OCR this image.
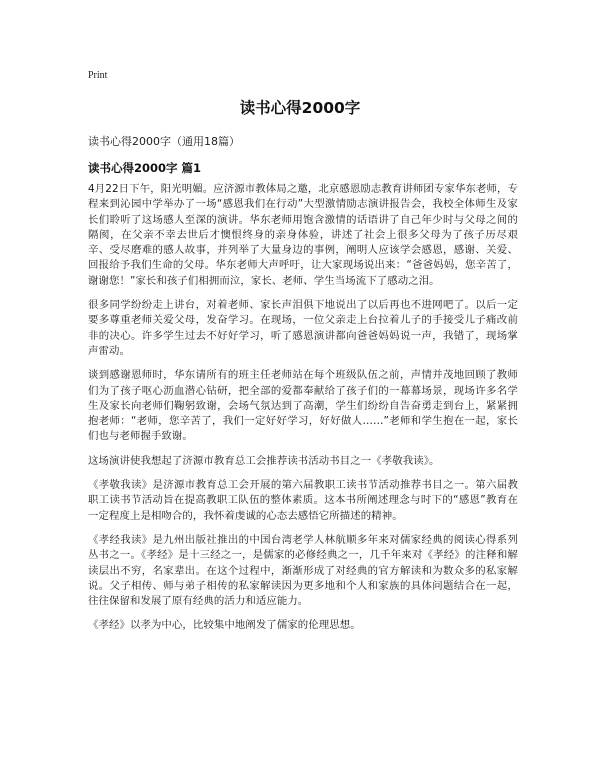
Print
读书心得2000字
读书心得2000字（通用18篇）
读书心得2000字 篇1

4月22日下午，阳光明媚。应济源市教体局之邀，北京感恩励志教育讲师团专家华东老师，专程来到沁园中学举办了一场“感恩我们在行动”大型激情励志演讲报告会，我校全体师生及家长们聆听了这场感人至深的演讲。华东老师用饱含激情的话语讲了自己年少时与父母之间的隔阂，在父亲不幸去世后才懊恨终身的亲身体验，讲述了社会上很多父母为了孩子历尽艰辛、受尽磨难的感人故事，并列举了大量身边的事例，阐明人应该学会感恩，感谢、关爱、回报给予我们生命的父母。华东老师大声呼吁，让大家现场说出来：“爸爸妈妈，您辛苦了，谢谢您！”家长和孩子们相拥而泣，家长、老师、学生当场流下了感动之泪。

很多同学纷纷走上讲台，对着老师、家长声泪俱下地说出了以后再也不进网吧了。以后一定要多尊重老师关爱父母，发奋学习。在现场，一位父亲走上台拉着儿子的手接受儿子痛改前非的决心。许多学生过去不好好学习，听了感恩演讲都向爸爸妈妈说一声，我错了，现场掌声雷动。

谈到感谢恩师时，华东请所有的班主任老师站在每个班级队伍之前，声情并茂地回顾了教师们为了孩子呕心沥血潜心钻研，把全部的爱都奉献给了孩子们的一幕幕场景，现场许多名学生及家长向老师们鞠躬致谢，会场气氛达到了高潮，学生们纷纷自告奋勇走到台上，紧紧拥抱老师：“老师，您辛苦了，我们一定好好学习，好好做人……”老师和学生抱在一起，家长们也与老师握手致谢。

这场演讲使我想起了济源市教育总工会推荐读书活动书目之一《孝敬我读》。

《孝敬我读》是济源市教育总工会开展的第六届教职工读书节活动推荐书目之一。第六届教职工读书节活动旨在提高教职工队伍的整体素质。这本书所阐述理念与时下的“感恩”教育在一定程度上是相吻合的，我怀着虔诚的心态去感悟它所描述的精神。

《孝经我读》是九州出版社推出的中国台湾老学人林航顺多年来对儒家经典的阅读心得系列丛书之一。《孝经》是十三经之一，是儒家的必修经典之一，几千年来对《孝经》的注释和解读层出不穷，名家辈出。在这个过程中，渐渐形成了对经典的官方解读和为数众多的私家解说。父子相传、师与弟子相传的私家解读因为更多地和个人和家族的具体问题结合在一起，往往保留和发展了原有经典的活力和适应能力。

《孝经》以孝为中心，比较集中地阐发了儒家的伦理思想。
